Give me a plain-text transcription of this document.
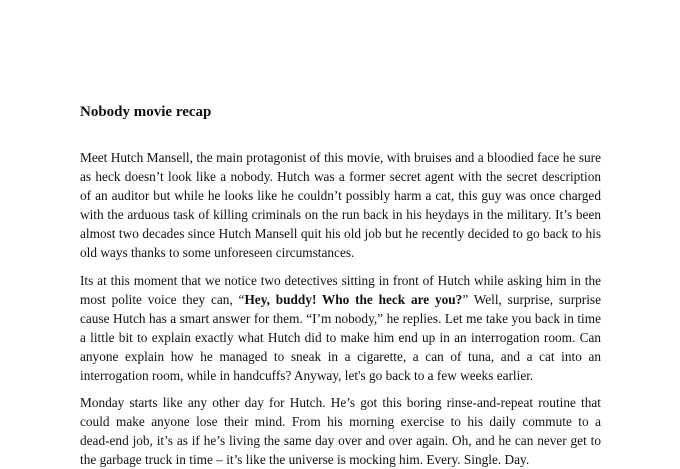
Nobody movie recap

Meet Hutch Mansell, the main protagonist of this movie, with bruises and a bloodied face he sure
as heck doesn’t look like a nobody. Hutch was a former secret agent with the secret description
of an auditor but while he looks like he couldn’t possibly harm a cat, this guy was once charged
with the arduous task of killing criminals on the run back in his heydays in the military. It’s been
almost two decades since Hutch Mansell quit his old job but he recently decided to go back to his
old ways thanks to some unforeseen circumstances.

Its at this moment that we notice two detectives sitting in front of Hutch while asking him in the
most polite voice they can, “Hey, buddy! Who the heck are you?” Well, surprise, surprise
cause Hutch has a smart answer for them. “I’m nobody,” he replies. Let me take you back in time
a little bit to explain exactly what Hutch did to make him end up in an interrogation room. Can
anyone explain how he managed to sneak in a cigarette, a can of tuna, and a cat into an
interrogation room, while in handcuffs? Anyway, let's go back to a few weeks earlier.

Monday starts like any other day for Hutch. He’s got this boring rinse-and-repeat routine that
could make anyone lose their mind. From his morning exercise to his daily commute to a
dead-end job, it’s as if he’s living the same day over and over again. Oh, and he can never get to
the garbage truck in time – it’s like the universe is mocking him. Every. Single. Day.
